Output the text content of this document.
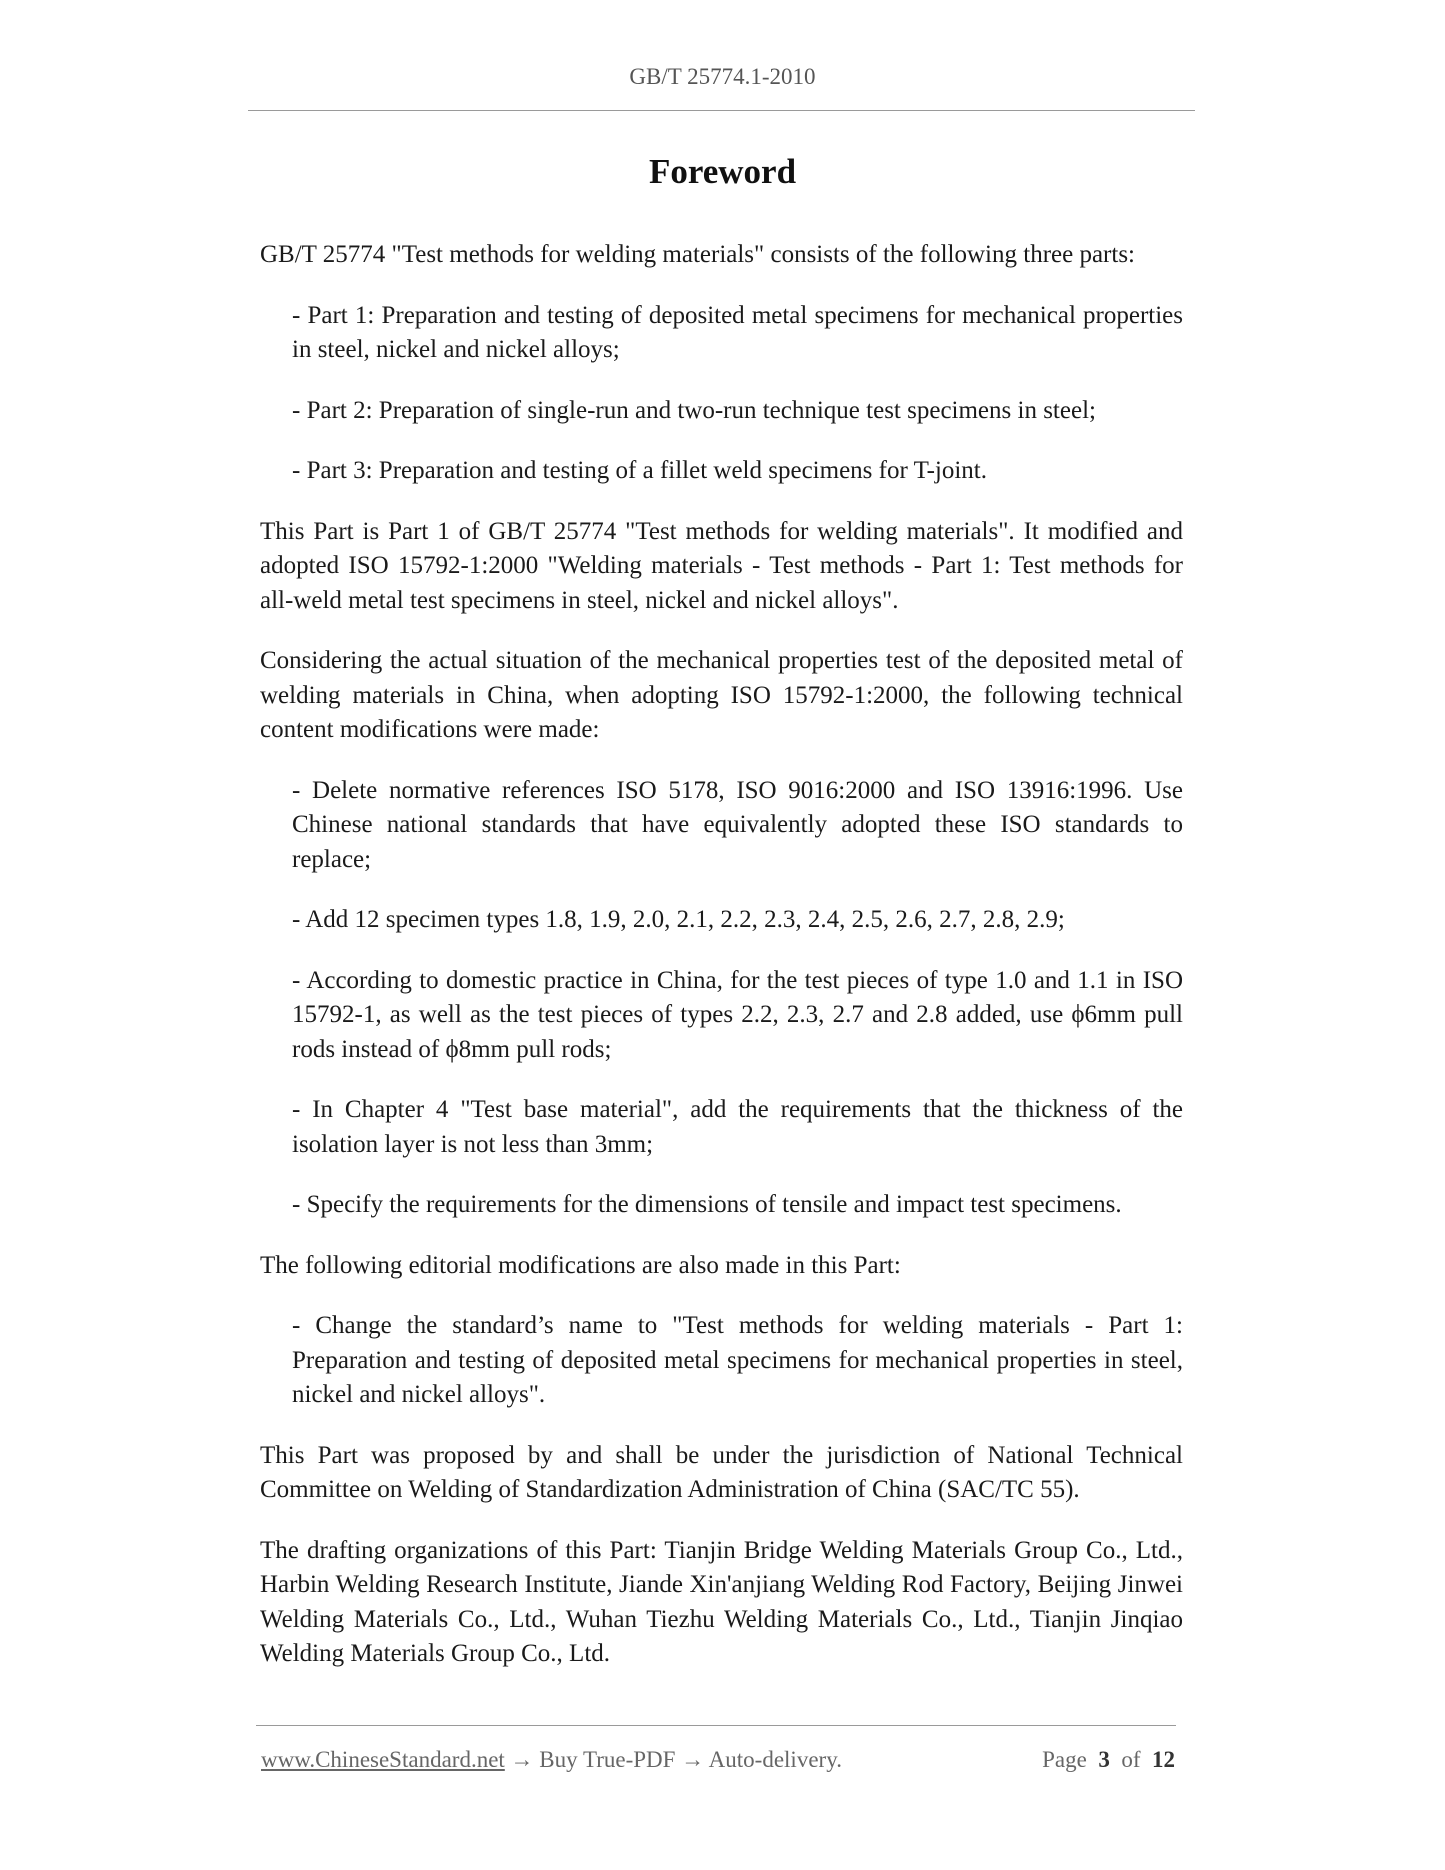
GB/T 25774.1-2010
Foreword

GB/T 25774 "Test methods for welding materials" consists of the following three parts:

- Part 1: Preparation and testing of deposited metal specimens for mechanical properties in steel, nickel and nickel alloys;

- Part 2: Preparation of single-run and two-run technique test specimens in steel;

- Part 3: Preparation and testing of a fillet weld specimens for T-joint.

This Part is Part 1 of GB/T 25774 "Test methods for welding materials". It modified and adopted ISO 15792-1:2000 "Welding materials - Test methods - Part 1: Test methods for all-weld metal test specimens in steel, nickel and nickel alloys".

Considering the actual situation of the mechanical properties test of the deposited metal of welding materials in China, when adopting ISO 15792-1:2000, the following technical content modifications were made:

- Delete normative references ISO 5178, ISO 9016:2000 and ISO 13916:1996. Use Chinese national standards that have equivalently adopted these ISO standards to replace;

- Add 12 specimen types 1.8, 1.9, 2.0, 2.1, 2.2, 2.3, 2.4, 2.5, 2.6, 2.7, 2.8, 2.9;

- According to domestic practice in China, for the test pieces of type 1.0 and 1.1 in ISO 15792-1, as well as the test pieces of types 2.2, 2.3, 2.7 and 2.8 added, use ϕ6mm pull rods instead of ϕ8mm pull rods;

- In Chapter 4 "Test base material", add the requirements that the thickness of the isolation layer is not less than 3mm;

- Specify the requirements for the dimensions of tensile and impact test specimens.

The following editorial modifications are also made in this Part:

- Change the standard’s name to "Test methods for welding materials - Part 1: Preparation and testing of deposited metal specimens for mechanical properties in steel, nickel and nickel alloys".

This Part was proposed by and shall be under the jurisdiction of National Technical Committee on Welding of Standardization Administration of China (SAC/TC 55).

The drafting organizations of this Part: Tianjin Bridge Welding Materials Group Co., Ltd., Harbin Welding Research Institute, Jiande Xin'anjiang Welding Rod Factory, Beijing Jinwei Welding Materials Co., Ltd., Wuhan Tiezhu Welding Materials Co., Ltd., Tianjin Jinqiao Welding Materials Group Co., Ltd.

www.ChineseStandard.net → Buy True-PDF → Auto-delivery.	Page 3 of 12
